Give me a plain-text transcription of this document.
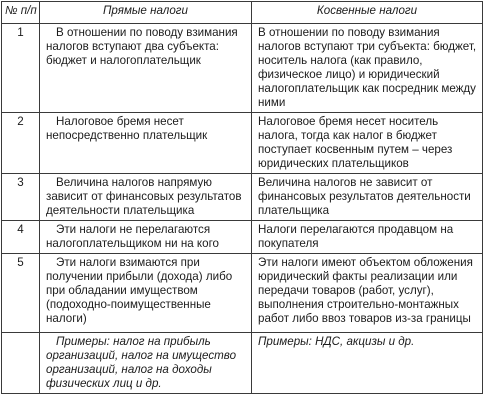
№ п/п	Прямые налоги	Косвенные налоги
1	В отношении по поводу взимания налогов вступают два субъекта: бюджет и налогоплательщик	В отношении по поводу взимания налогов вступают три субъекта: бюджет, носитель налога (как правило, физическое лицо) и юридический налогоплательщик как посредник между ними
2	Налоговое бремя несет непосредственно плательщик	Налоговое бремя несет носитель налога, тогда как налог в бюджет поступает косвенным путем – через юридических плательщиков
3	Величина налогов напрямую зависит от финансовых результатов деятельности плательщика	Величина налогов не зависит от финансовых результатов деятельности плательщика
4	Эти налоги не перелагаются налогоплательщиком ни на кого	Налоги перелагаются продавцом на покупателя
5	Эти налоги взимаются при получении прибыли (дохода) либо при обладании имуществом (подоходно-поимущественные налоги)	Эти налоги имеют объектом обложения юридический факты реализации или передачи товаров (работ, услуг), выполнения строительно-монтажных работ либо ввоз товаров из-за границы
	Примеры: налог на прибыль организаций, налог на имущество организаций, налог на доходы физических лиц и др.	Примеры: НДС, акцизы и др.
